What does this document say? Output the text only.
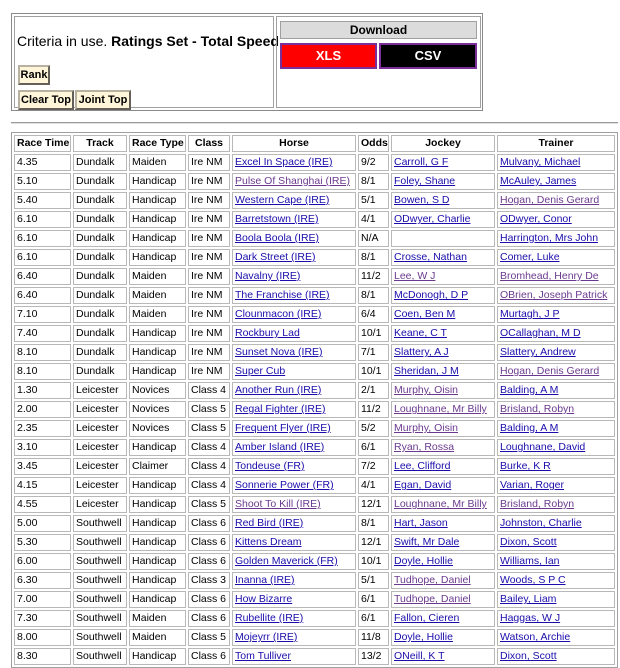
Criteria in use. Ratings Set - Total Speed
Rank
Clear Top Joint Top
Download
XLS	CSV
Race Time	Track	Race Type	Class	Horse	Odds	Jockey	Trainer
4.35	Dundalk	Maiden	Ire NM	Excel In Space (IRE)	9/2	Carroll, G F	Mulvany, Michael
5.10	Dundalk	Handicap	Ire NM	Pulse Of Shanghai (IRE)	8/1	Foley, Shane	McAuley, James
5.40	Dundalk	Handicap	Ire NM	Western Cape (IRE)	5/1	Bowen, S D	Hogan, Denis Gerard
6.10	Dundalk	Handicap	Ire NM	Barretstown (IRE)	4/1	ODwyer, Charlie	ODwyer, Conor
6.10	Dundalk	Handicap	Ire NM	Boola Boola (IRE)	N/A		Harrington, Mrs John
6.10	Dundalk	Handicap	Ire NM	Dark Street (IRE)	8/1	Crosse, Nathan	Comer, Luke
6.40	Dundalk	Maiden	Ire NM	Navalny (IRE)	11/2	Lee, W J	Bromhead, Henry De
6.40	Dundalk	Maiden	Ire NM	The Franchise (IRE)	8/1	McDonogh, D P	OBrien, Joseph Patrick
7.10	Dundalk	Maiden	Ire NM	Clounmacon (IRE)	6/4	Coen, Ben M	Murtagh, J P
7.40	Dundalk	Handicap	Ire NM	Rockbury Lad	10/1	Keane, C T	OCallaghan, M D
8.10	Dundalk	Handicap	Ire NM	Sunset Nova (IRE)	7/1	Slattery, A J	Slattery, Andrew
8.10	Dundalk	Handicap	Ire NM	Super Cub	10/1	Sheridan, J M	Hogan, Denis Gerard
1.30	Leicester	Novices	Class 4	Another Run (IRE)	2/1	Murphy, Oisin	Balding, A M
2.00	Leicester	Novices	Class 5	Regal Fighter (IRE)	11/2	Loughnane, Mr Billy	Brisland, Robyn
2.35	Leicester	Novices	Class 5	Frequent Flyer (IRE)	5/2	Murphy, Oisin	Balding, A M
3.10	Leicester	Handicap	Class 4	Amber Island (IRE)	6/1	Ryan, Rossa	Loughnane, David
3.45	Leicester	Claimer	Class 4	Tondeuse (FR)	7/2	Lee, Clifford	Burke, K R
4.15	Leicester	Handicap	Class 4	Sonnerie Power (FR)	4/1	Egan, David	Varian, Roger
4.55	Leicester	Handicap	Class 5	Shoot To Kill (IRE)	12/1	Loughnane, Mr Billy	Brisland, Robyn
5.00	Southwell	Handicap	Class 6	Red Bird (IRE)	8/1	Hart, Jason	Johnston, Charlie
5.30	Southwell	Handicap	Class 6	Kittens Dream	12/1	Swift, Mr Dale	Dixon, Scott
6.00	Southwell	Handicap	Class 6	Golden Maverick (FR)	10/1	Doyle, Hollie	Williams, Ian
6.30	Southwell	Handicap	Class 3	Inanna (IRE)	5/1	Tudhope, Daniel	Woods, S P C
7.00	Southwell	Handicap	Class 6	How Bizarre	6/1	Tudhope, Daniel	Bailey, Liam
7.30	Southwell	Maiden	Class 6	Rubellite (IRE)	6/1	Fallon, Cieren	Haggas, W J
8.00	Southwell	Maiden	Class 5	Mojeyrr (IRE)	11/8	Doyle, Hollie	Watson, Archie
8.30	Southwell	Handicap	Class 6	Tom Tulliver	13/2	ONeill, K T	Dixon, Scott
